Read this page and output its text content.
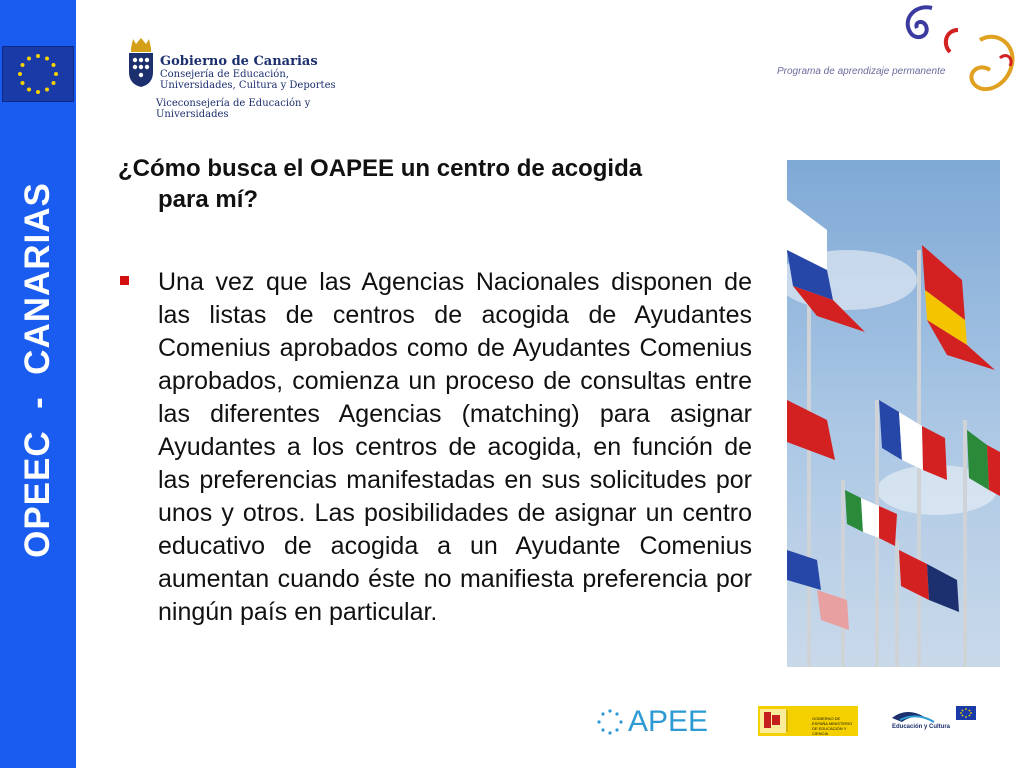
OPEEC  -  CANARIAS
Gobierno de Canarias
Consejería de Educación, Universidades, Cultura y Deportes
Viceconsejería de Educación y Universidades
Programa de aprendizaje permanente
¿Cómo busca el OAPEE un centro de acogida
para mí?

Una vez que las Agencias Nacionales disponen de las listas de centros de acogida de Ayudantes Comenius aprobados como de Ayudantes Comenius aprobados, comienza un proceso de consultas entre las diferentes Agencias (matching) para asignar Ayudantes a los centros de acogida, en función de las preferencias manifestadas en sus solicitudes por unos y otros. Las posibilidades de asignar un centro educativo de acogida a un Ayudante Comenius aumentan cuando éste no manifiesta preferencia por ningún país en particular.

APEE	GOBIERNO DE ESPAÑA MINISTERIO DE EDUCACIÓN Y CIENCIA
Educación y Cultura
